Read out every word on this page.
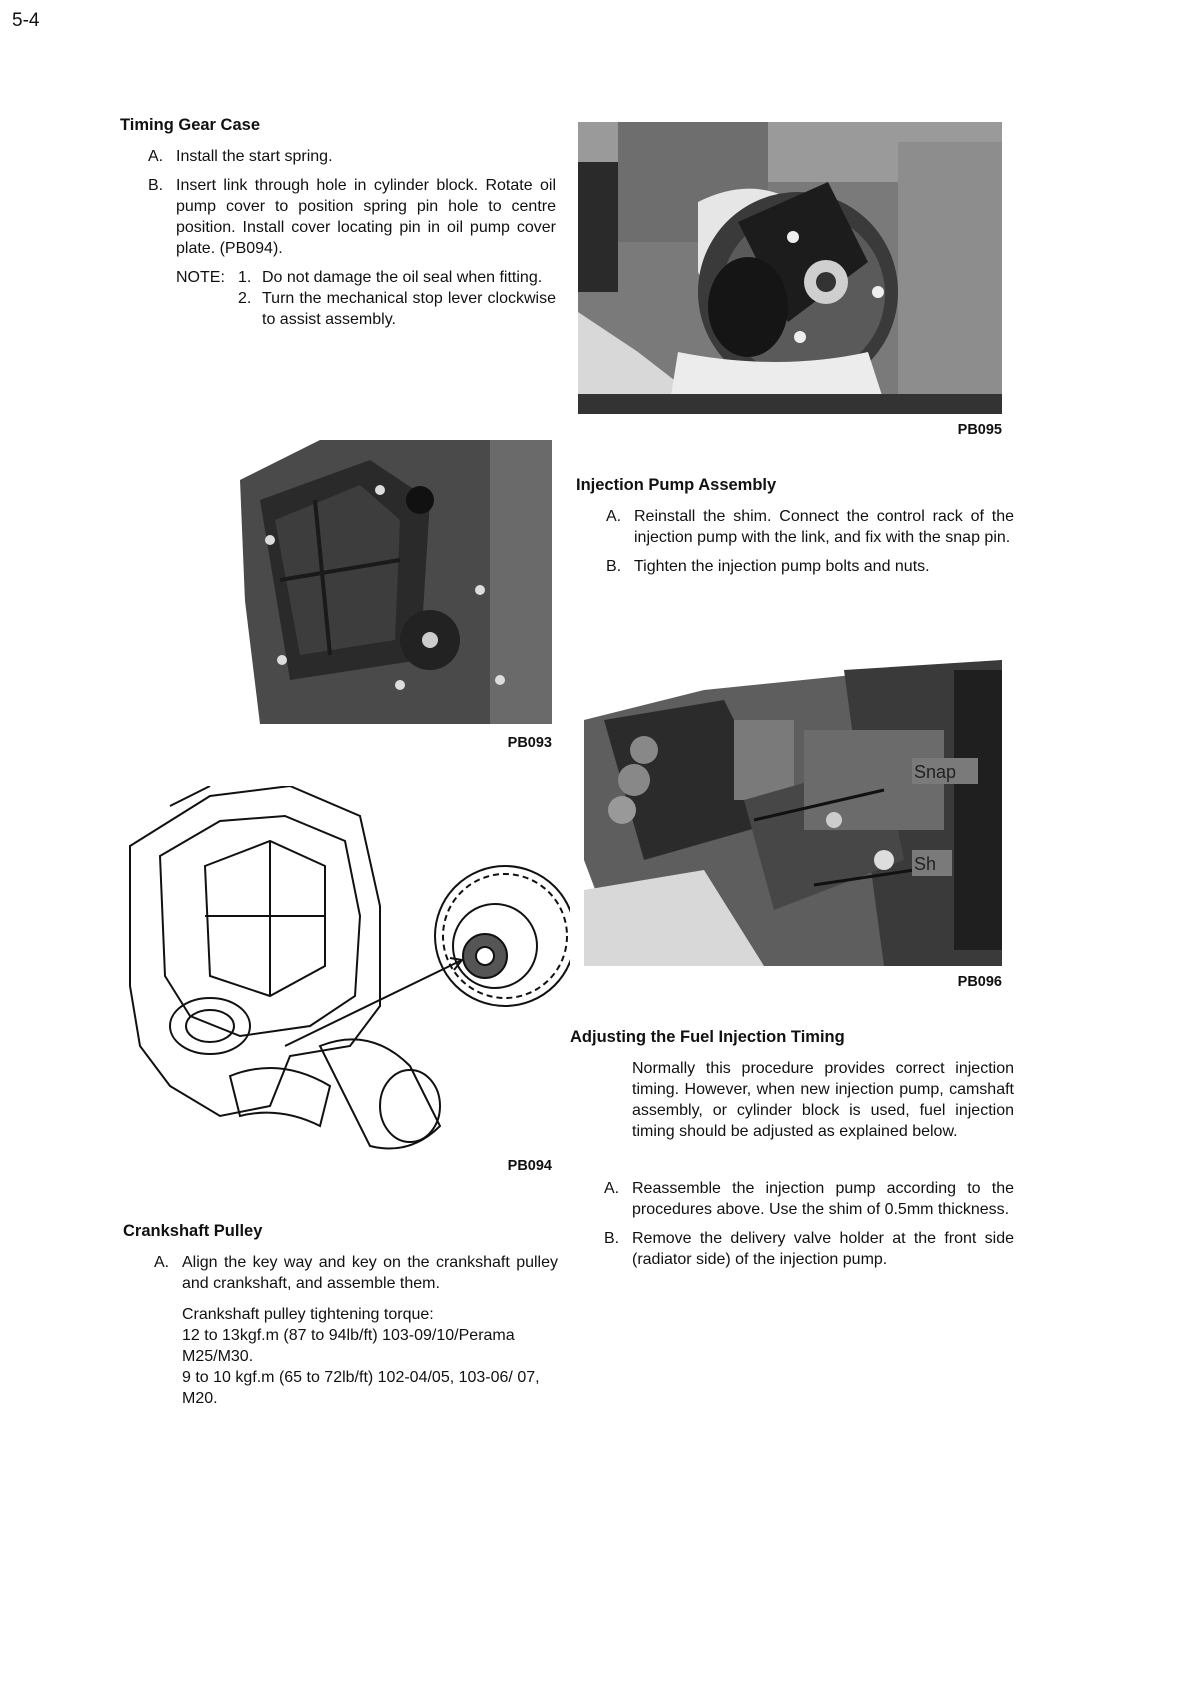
5-4
Timing Gear Case
A. Install the start spring.
B. Insert link through hole in cylinder block. Rotate oil pump cover to position spring pin hole to centre position. Install cover locating pin in oil pump cover plate. (PB094).
NOTE: 1. Do not damage the oil seal when fitting.
2. Turn the mechanical stop lever clockwise to assist assembly.
PB095
PB093
Injection Pump Assembly
A. Reinstall the shim. Connect the control rack of the injection pump with the link, and fix with the snap pin.
B. Tighten the injection pump bolts and nuts.
Snap
Sh
PB096
PB094
Adjusting the Fuel Injection Timing
Normally this procedure provides correct injection timing. However, when new injection pump, camshaft assembly, or cylinder block is used, fuel injection timing should be adjusted as explained below.
A. Reassemble the injection pump according to the procedures above. Use the shim of 0.5mm thickness.
B. Remove the delivery valve holder at the front side (radiator side) of the injection pump.
Crankshaft Pulley
A. Align the key way and key on the crankshaft pulley and crankshaft, and assemble them.
Crankshaft pulley tightening torque:
12 to 13kgf.m (87 to 94lb/ft) 103-09/10/Perama M25/M30.
9 to 10 kgf.m (65 to 72lb/ft) 102-04/05, 103-06/ 07, M20.
